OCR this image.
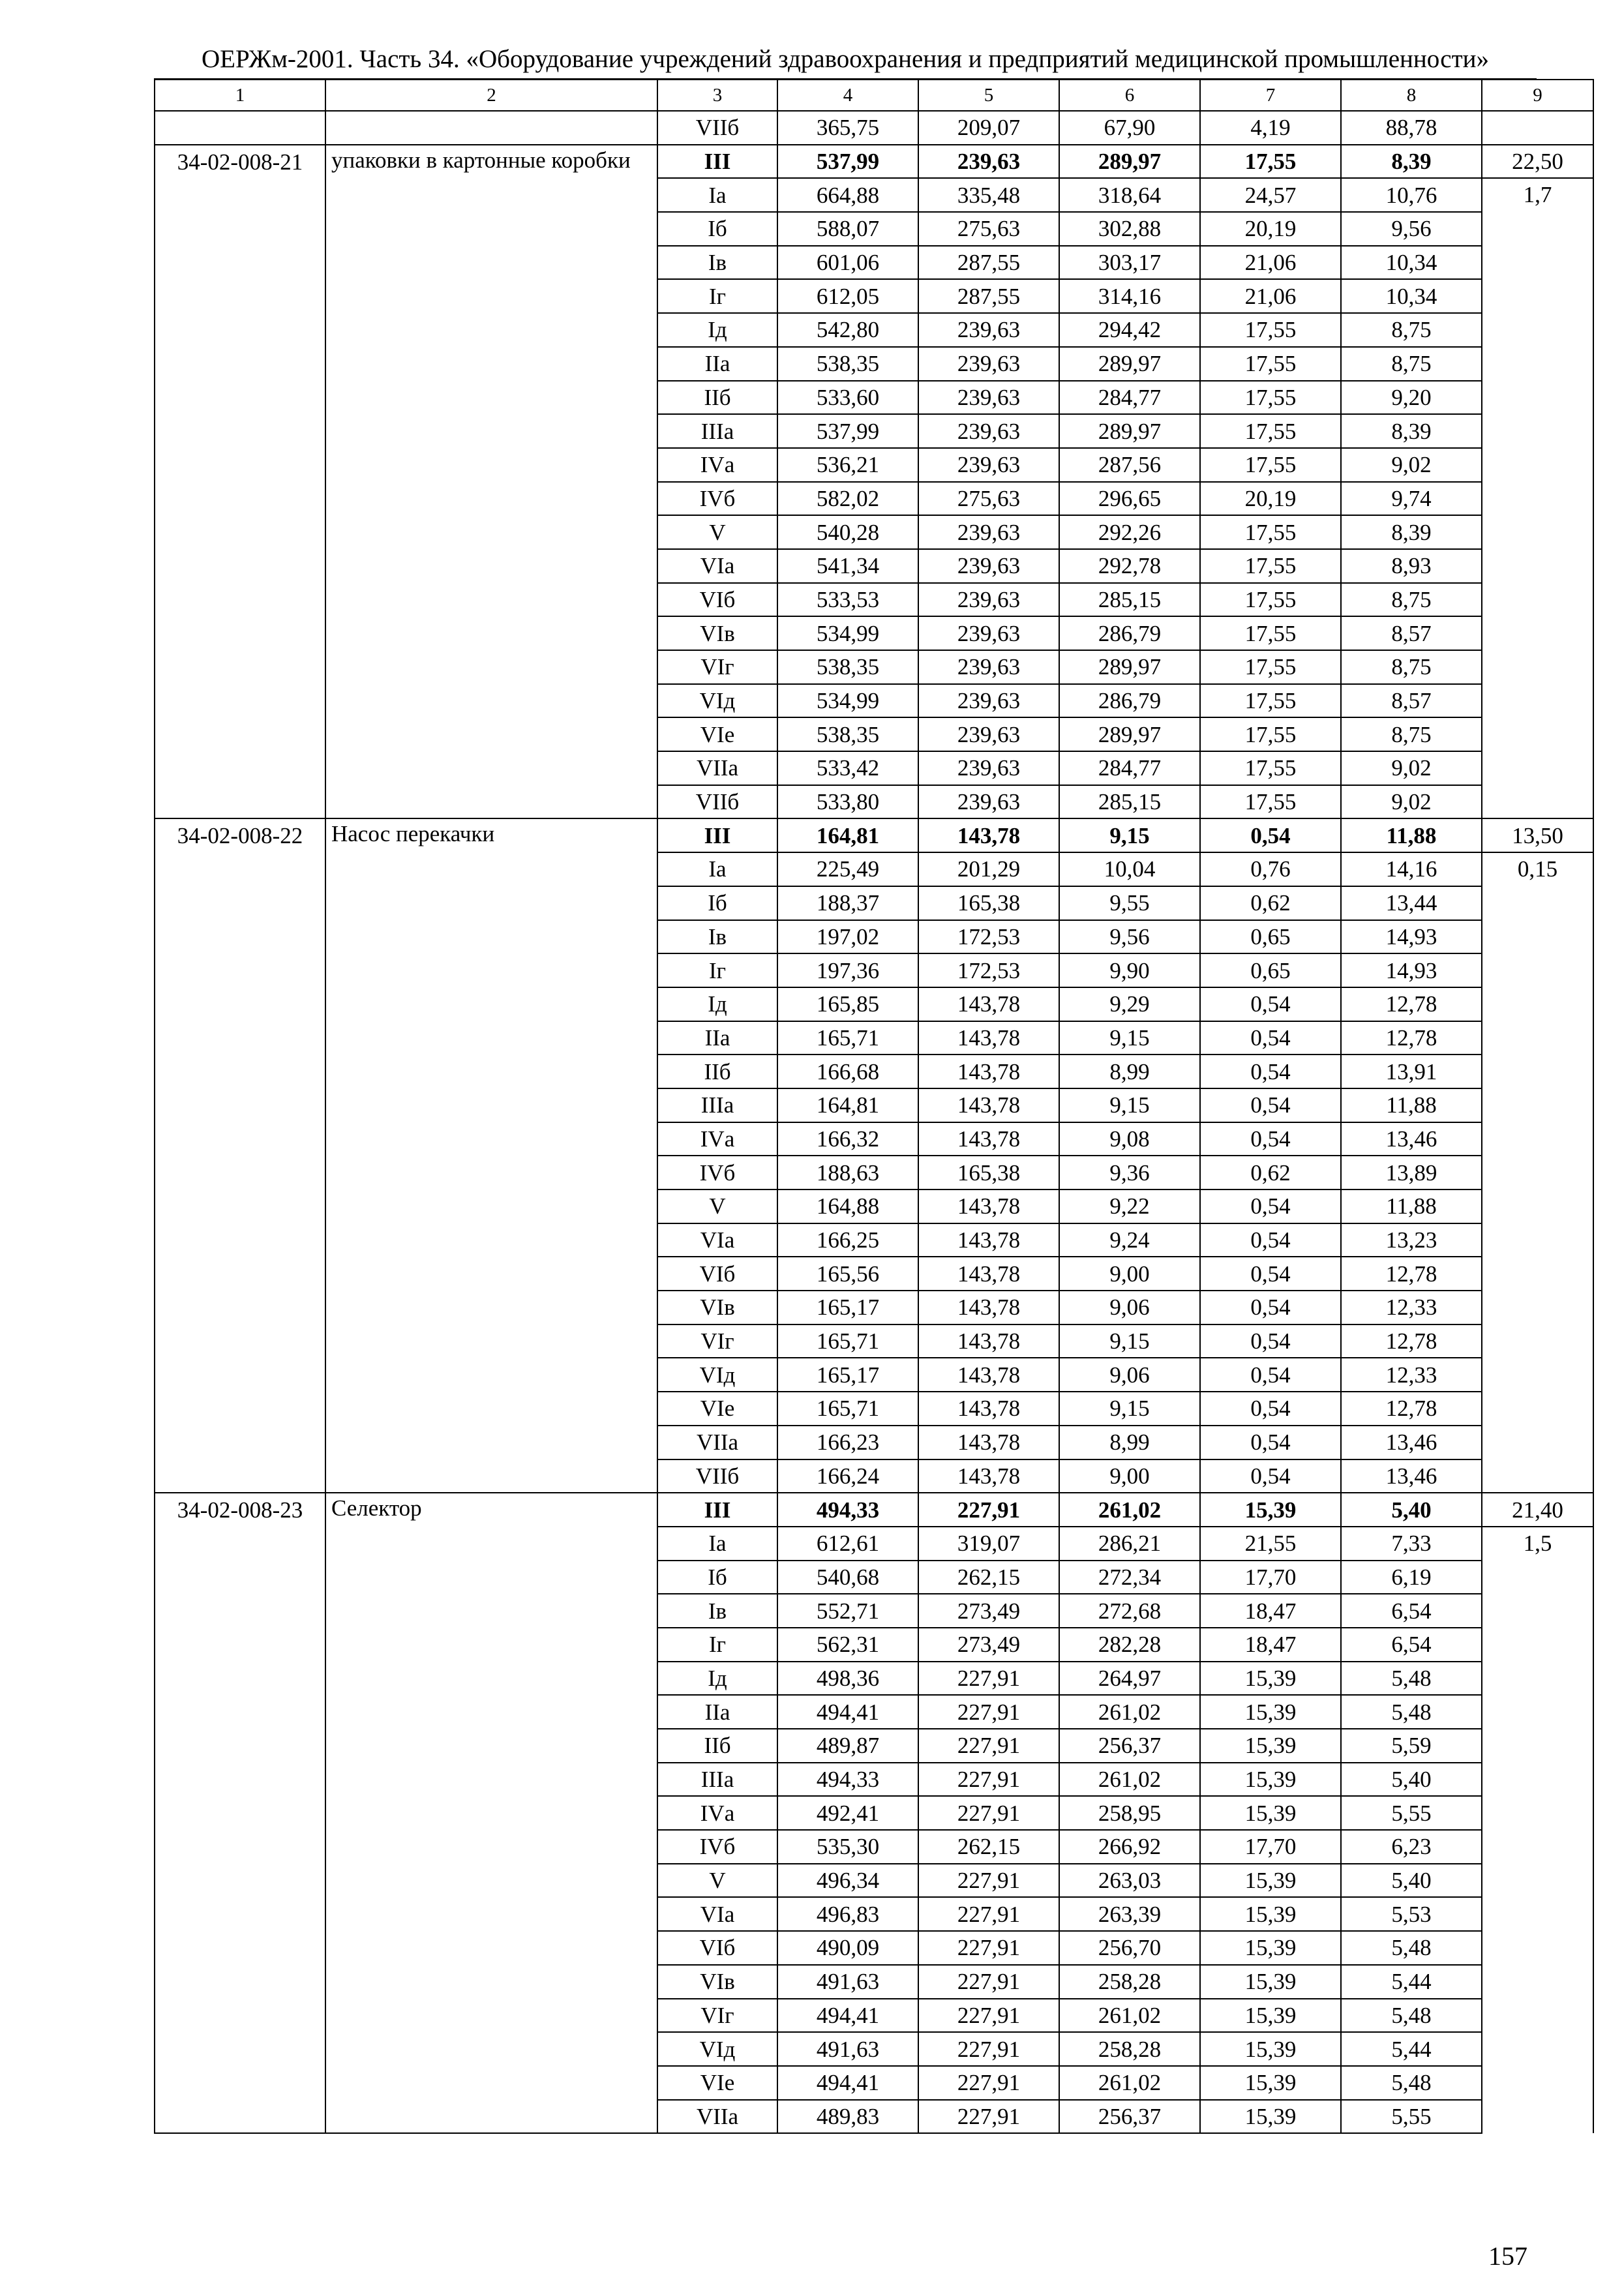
ОЕРЖм-2001. Часть 34. «Оборудование учреждений здравоохранения и предприятий медицинской промышленности»
1	2	3	4	5	6	7	8	9
		VIIб	365,75	209,07	67,90	4,19	88,78	
34-02-008-21	упаковки в картонные коробки	III	537,99	239,63	289,97	17,55	8,39	22,50
		Iа	664,88	335,48	318,64	24,57	10,76	1,7
		Iб	588,07	275,63	302,88	20,19	9,56	
		Iв	601,06	287,55	303,17	21,06	10,34	
		Iг	612,05	287,55	314,16	21,06	10,34	
		Iд	542,80	239,63	294,42	17,55	8,75	
		IIа	538,35	239,63	289,97	17,55	8,75	
		IIб	533,60	239,63	284,77	17,55	9,20	
		IIIа	537,99	239,63	289,97	17,55	8,39	
		IVа	536,21	239,63	287,56	17,55	9,02	
		IVб	582,02	275,63	296,65	20,19	9,74	
		V	540,28	239,63	292,26	17,55	8,39	
		VIа	541,34	239,63	292,78	17,55	8,93	
		VIб	533,53	239,63	285,15	17,55	8,75	
		VIв	534,99	239,63	286,79	17,55	8,57	
		VIг	538,35	239,63	289,97	17,55	8,75	
		VIд	534,99	239,63	286,79	17,55	8,57	
		VIе	538,35	239,63	289,97	17,55	8,75	
		VIIа	533,42	239,63	284,77	17,55	9,02	
		VIIб	533,80	239,63	285,15	17,55	9,02	
34-02-008-22	Насос перекачки	III	164,81	143,78	9,15	0,54	11,88	13,50
		Iа	225,49	201,29	10,04	0,76	14,16	0,15
		Iб	188,37	165,38	9,55	0,62	13,44	
		Iв	197,02	172,53	9,56	0,65	14,93	
		Iг	197,36	172,53	9,90	0,65	14,93	
		Iд	165,85	143,78	9,29	0,54	12,78	
		IIа	165,71	143,78	9,15	0,54	12,78	
		IIб	166,68	143,78	8,99	0,54	13,91	
		IIIа	164,81	143,78	9,15	0,54	11,88	
		IVа	166,32	143,78	9,08	0,54	13,46	
		IVб	188,63	165,38	9,36	0,62	13,89	
		V	164,88	143,78	9,22	0,54	11,88	
		VIа	166,25	143,78	9,24	0,54	13,23	
		VIб	165,56	143,78	9,00	0,54	12,78	
		VIв	165,17	143,78	9,06	0,54	12,33	
		VIг	165,71	143,78	9,15	0,54	12,78	
		VIд	165,17	143,78	9,06	0,54	12,33	
		VIе	165,71	143,78	9,15	0,54	12,78	
		VIIа	166,23	143,78	8,99	0,54	13,46	
		VIIб	166,24	143,78	9,00	0,54	13,46	
34-02-008-23	Селектор	III	494,33	227,91	261,02	15,39	5,40	21,40
		Iа	612,61	319,07	286,21	21,55	7,33	1,5
		Iб	540,68	262,15	272,34	17,70	6,19	
		Iв	552,71	273,49	272,68	18,47	6,54	
		Iг	562,31	273,49	282,28	18,47	6,54	
		Iд	498,36	227,91	264,97	15,39	5,48	
		IIа	494,41	227,91	261,02	15,39	5,48	
		IIб	489,87	227,91	256,37	15,39	5,59	
		IIIа	494,33	227,91	261,02	15,39	5,40	
		IVа	492,41	227,91	258,95	15,39	5,55	
		IVб	535,30	262,15	266,92	17,70	6,23	
		V	496,34	227,91	263,03	15,39	5,40	
		VIа	496,83	227,91	263,39	15,39	5,53	
		VIб	490,09	227,91	256,70	15,39	5,48	
		VIв	491,63	227,91	258,28	15,39	5,44	
		VIг	494,41	227,91	261,02	15,39	5,48	
		VIд	491,63	227,91	258,28	15,39	5,44	
		VIе	494,41	227,91	261,02	15,39	5,48	
		VIIа	489,83	227,91	256,37	15,39	5,55	
157
